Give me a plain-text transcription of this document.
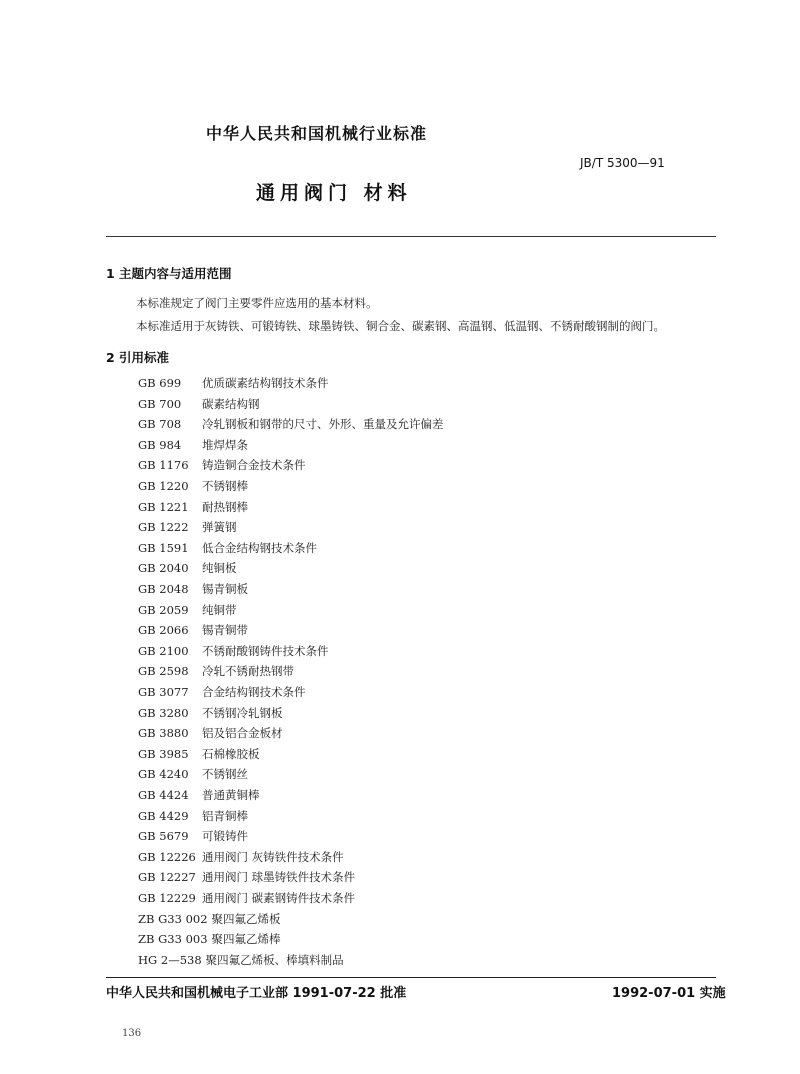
中华人民共和国机械行业标准
JB/T 5300—91
通用阀门 材料
1 主题内容与适用范围
本标准规定了阀门主要零件应选用的基本材料。
本标准适用于灰铸铁、可锻铸铁、球墨铸铁、铜合金、碳素钢、高温钢、低温钢、不锈耐酸钢制的阀门。
2 引用标准
GB 699 优质碳素结构钢技术条件
GB 700 碳素结构钢
GB 708 冷轧钢板和钢带的尺寸、外形、重量及允许偏差
GB 984 堆焊焊条
GB 1176 铸造铜合金技术条件
GB 1220 不锈钢棒
GB 1221 耐热钢棒
GB 1222 弹簧钢
GB 1591 低合金结构钢技术条件
GB 2040 纯铜板
GB 2048 锡青铜板
GB 2059 纯铜带
GB 2066 锡青铜带
GB 2100 不锈耐酸钢铸件技术条件
GB 2598 冷轧不锈耐热钢带
GB 3077 合金结构钢技术条件
GB 3280 不锈钢冷轧钢板
GB 3880 铝及铝合金板材
GB 3985 石棉橡胶板
GB 4240 不锈钢丝
GB 4424 普通黄铜棒
GB 4429 铝青铜棒
GB 5679 可锻铸件
GB 12226 通用阀门 灰铸铁件技术条件
GB 12227 通用阀门 球墨铸铁件技术条件
GB 12229 通用阀门 碳素钢铸件技术条件
ZB G33 002 聚四氟乙烯板
ZB G33 003 聚四氟乙烯棒
HG 2—538 聚四氟乙烯板、棒填料制品
中华人民共和国机械电子工业部 1991-07-22 批准	1992-07-01 实施
136
